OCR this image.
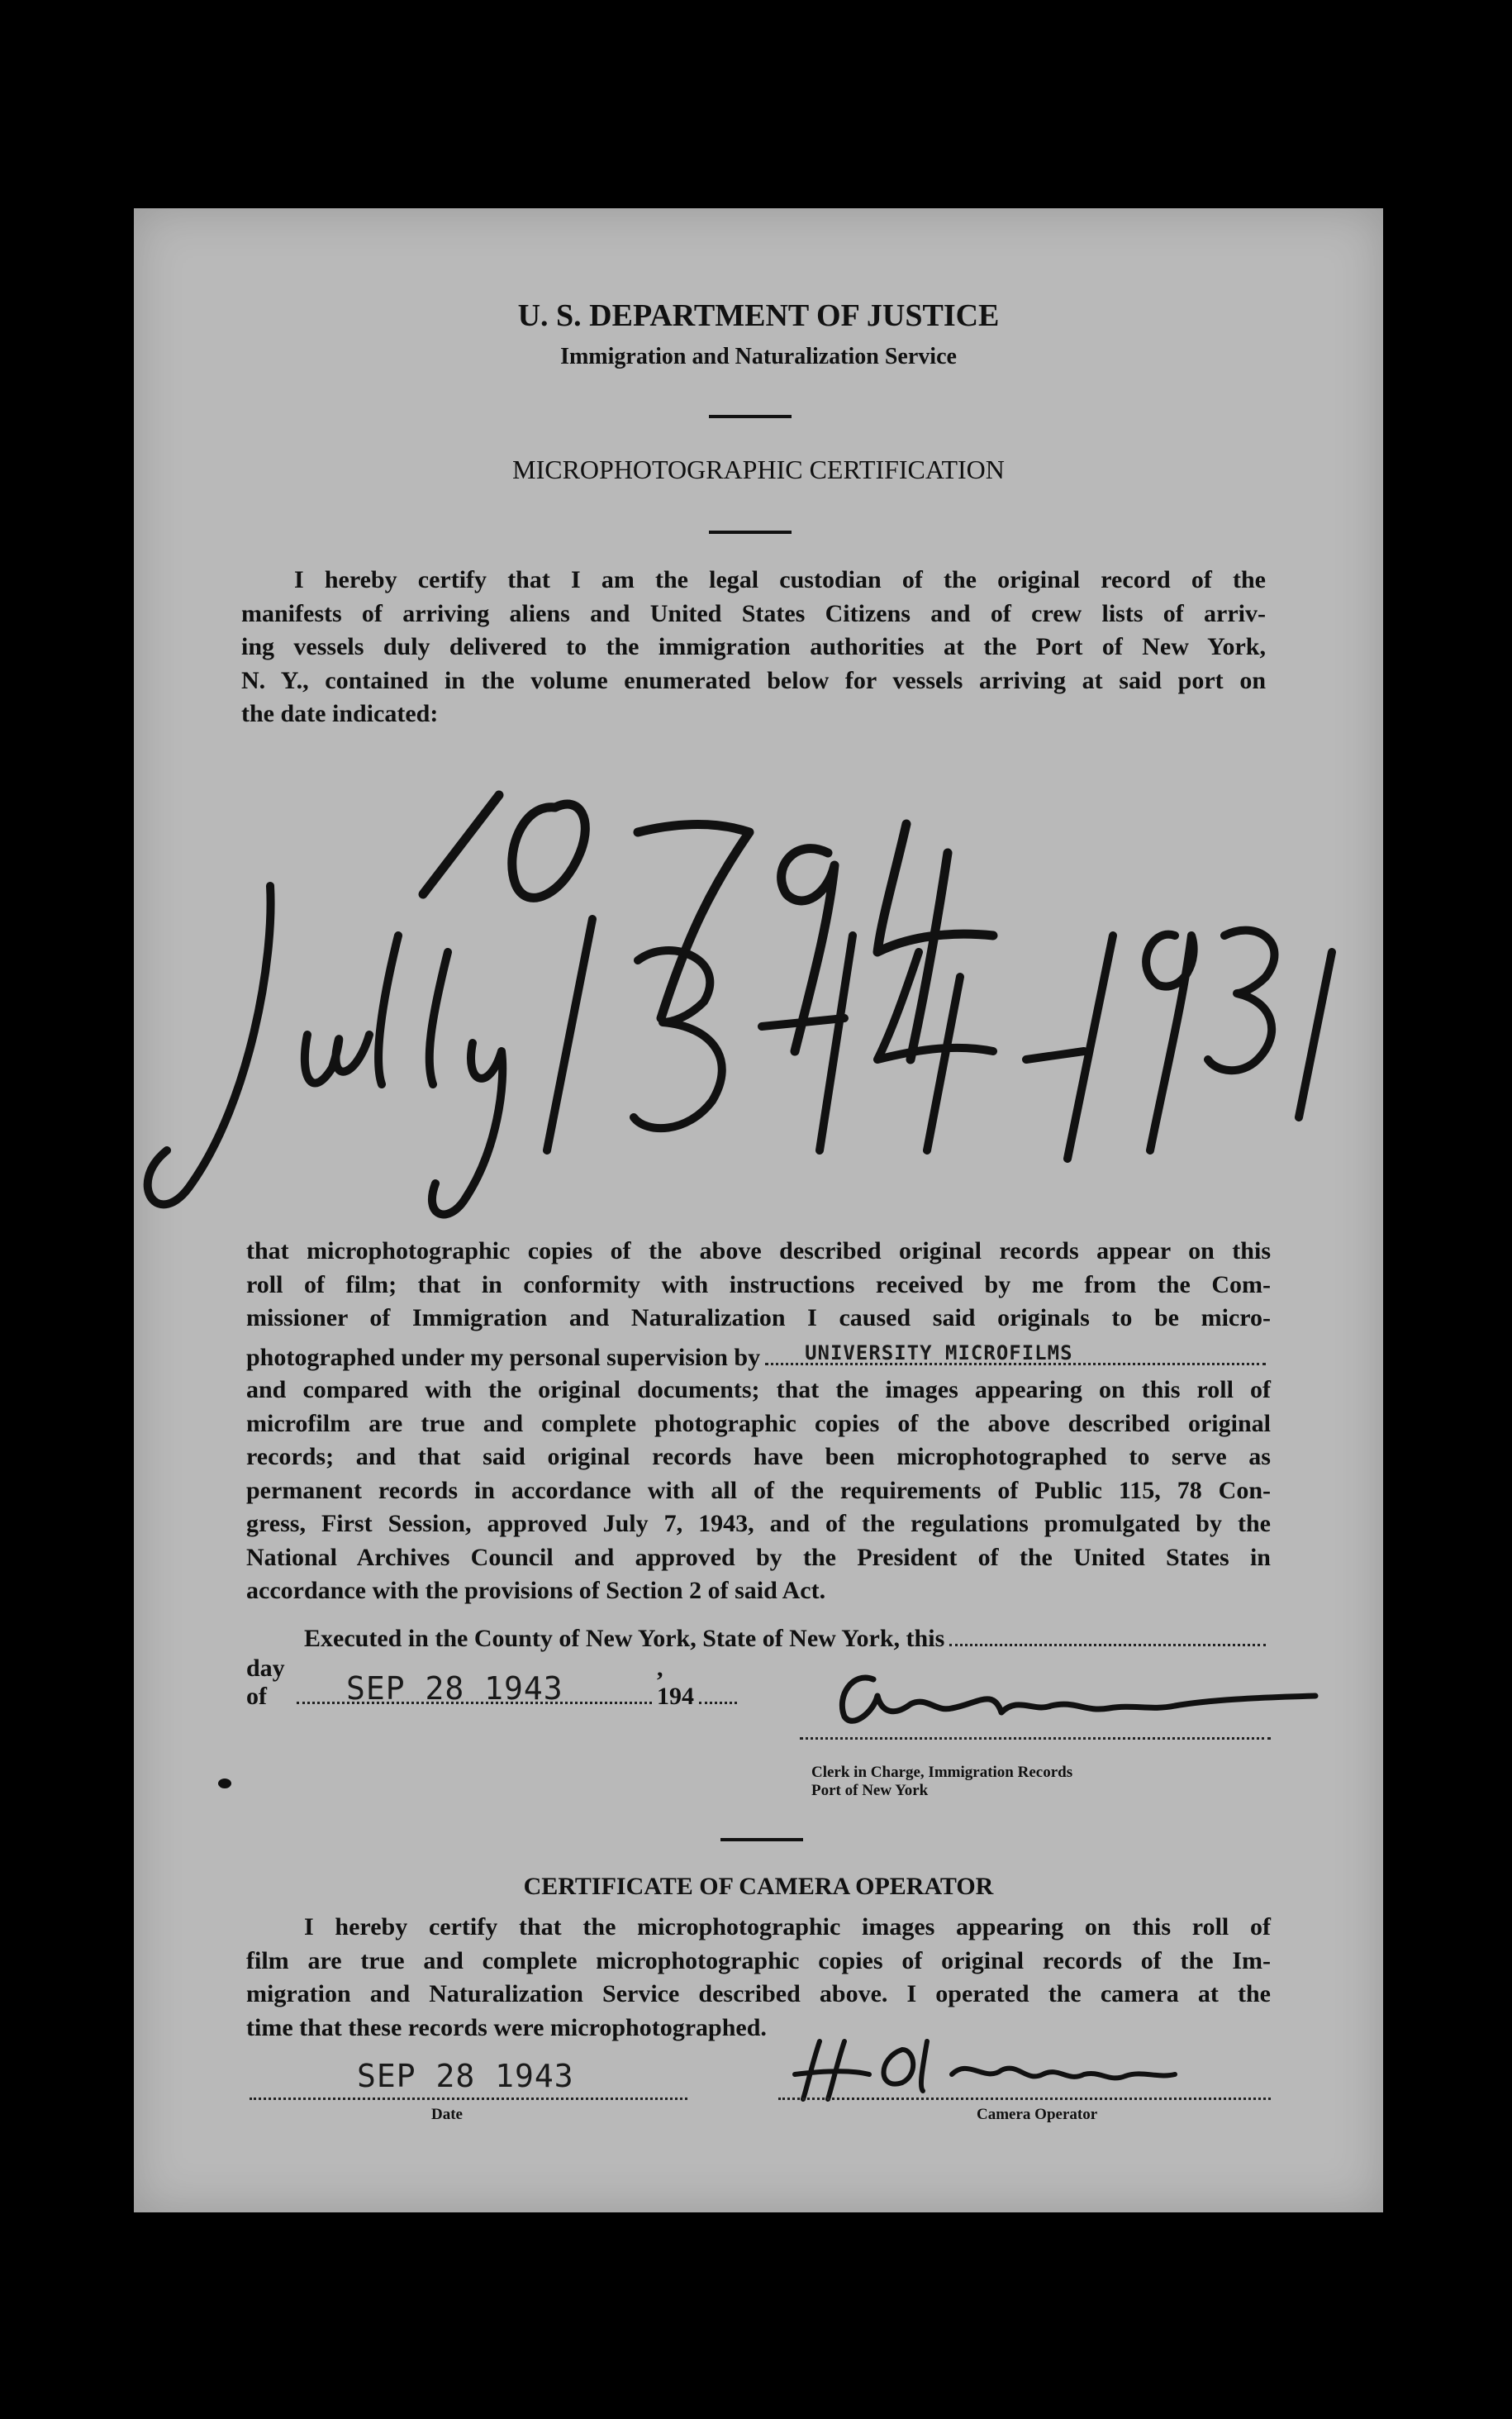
U. S. DEPARTMENT OF JUSTICE
Immigration and Naturalization Service
MICROPHOTOGRAPHIC CERTIFICATION
I hereby certify that I am the legal custodian of the original record of the
manifests of arriving aliens and United States Citizens and of crew lists of arriv-
ing vessels duly delivered to the immigration authorities at the Port of New York,
N. Y., contained in the volume enumerated below for vessels arriving at said port on
the date indicated:
that microphotographic copies of the above described original records appear on this
roll of film; that in conformity with instructions received by me from the Com-
missioner of Immigration and Naturalization I caused said originals to be micro-
photographed under my personal supervision by UNIVERSITY MICROFILMS
and compared with the original documents; that the images appearing on this roll of
microfilm are true and complete photographic copies of the above described original
records; and that said original records have been microphotographed to serve as
permanent records in accordance with all of the requirements of Public 115, 78 Con-
gress, First Session, approved July 7, 1943, and of the regulations promulgated by the
National Archives Council and approved by the President of the United States in
accordance with the provisions of Section 2 of said Act.
Executed in the County of New York, State of New York, this
day of	SEP 28 1943
, 194
Clerk in Charge, Immigration Records
Port of New York
CERTIFICATE OF CAMERA OPERATOR
I hereby certify that the microphotographic images appearing on this roll of
film are true and complete microphotographic copies of original records of the Im-
migration and Naturalization Service described above. I operated the camera at the
time that these records were microphotographed.
SEP 28 1943
Date	Camera Operator
